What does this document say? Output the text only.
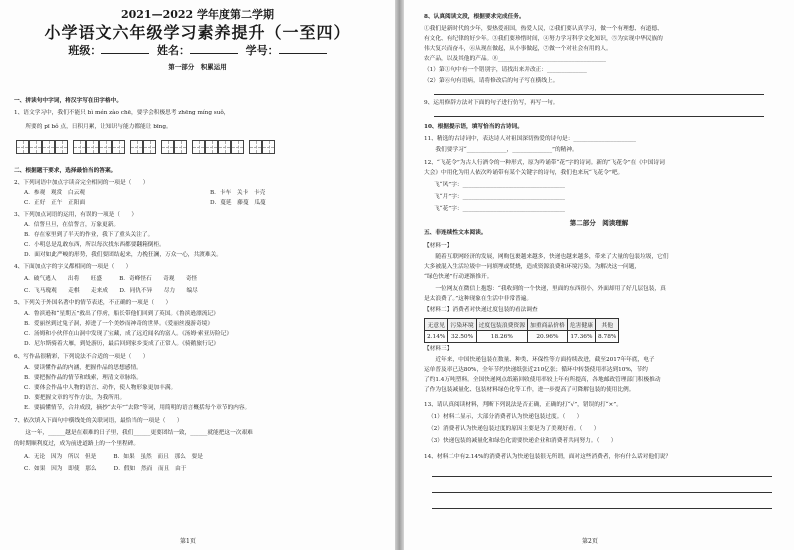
2021—2022 学年度第二学期
小学语文六年级学习素养提升（一至四）
班级：	姓名：	学号：
第一部分　积累运用
一、拼读句中字词，将汉字写在田字格中。
1、语文学习中，我们不能只 bì mén zào chē，要学会积极思考 zhēng míng suǒ，
　　所要的 pī bǒ 点，日积月累，让知识与能力都能让 bīng。
二、根据题干要求，选择最恰当的答案。
2、下列词语中加点字读音完全相同的一项是（　　）
A．参观　观赏　白云观	B．卡车　关卡　卡壳
C．正好　正午　正阳面	D．蔓延　藤蔓　瓜蔓
3、下列加点词语的运用，有误的一项是（　　）
A．信誓旦旦，在信誓言，万象更新。
B．存在家里到了半天的作业，我下了重头关注了。
C．小明总是乱敢东西，所以每次找东西都要翻箱倒柜。
D．面对如此严峻的形势，我们要团结起来，力挽狂澜，万众一心，共渡难关。
4、下面加点字的字义都相同的一项是（　　）
A．破气逃人　　出将　　旺盛　　　B．奇峰怪石　　奇观　　奇怪
C．飞马瑰观　　走棋　　走来成　　D．同仇不异　　尽力　　编尽
5、下列关于外国名著中的情节表述，不正确的一项是（　　）
A．鲁滨逊和“星期五”救出了俘虏，船长带他们回到了英国。《鲁滨逊漂流记》
B．爱丽丝到过兔子洞，掉进了一个美妙而神奇的世界。《爱丽丝漫游奇境》
C．汤姆和小伙伴在山洞中发现了宝藏，成了远近闻名的富人。《汤姆·索亚历险记》
D．尼尔斯骑着大雁，到处游历，最后回到家乡变成了正常人。《骑鹅旅行记》
6、写作品很精彩，下列说法不合适的一项是（　　）
A．要读懂作品的内涵，把握作品的思想感情。
B．要把握作品的情节和线索，理清文章脉络。
C．要体会作品中人物的语言、动作，使人物形象更加丰满。
D．要把握文章的写作方法，为我所用。
E．要搞懂情节，合并成段，摘抄“去年”“去除”等词，用简明的语言概括每个章节的内容。
7、依次填入下面句中横线处的关联词语，最恰当的一项是（　　）
　　这一年，______越是在艰难的日子里，我们______更要团结一致，______就能把这一次艰难
的时期顺利度过，成为前进道路上的一个里程碑。
A．无论　因为　所以　但是　　　B．如果　虽然　而且　那么　要是
C．如果　因为　即使　那么　　　D．假如　然而　而且　由于
第1页
8、认真阅读文段，根据要求完成任务。
①我们是新时代的少年，要热爱祖国，热爱人民，②我们要认真学习，做一个有理想、有道德、
有文化、有纪律的好少年。③我们要珍惜时间，④努力学习科学文化知识，⑤为实现中华民族的
伟大复兴而奋斗，⑥从现在做起，从小事做起，⑦做一个对社会有用的人。
农产品，以及其他的产品。⑧______________________________________
（1）第①句中有一个错别字，请找出来并改正：______________
（2）第⑥句有语病，请将修改后的句子写在横线上。
9、运用修辞方法对下面的句子进行仿写，再写一句。
10、根据提示语，填写恰当的古诗词。
11、精选的古诗词中，表达诗人对祖国深切热爱的诗句是：______________________
　　我们要学习“______________，______________”的精神。
12、“飞花令”为古人行酒令的一种形式，原为吟诵带“花”字的诗词。新的“飞花令”在《中国诗词
大会》中用化为用人依次吟诵带有某个关键字的诗句，我们也来玩“飞花令”吧。
飞“风”字：____________________________________
飞“月”字：____________________________________
飞“花”字：____________________________________
第二部分　阅读理解
五、非连续性文本阅读。
【材料一】
　　随着互联网经济的发展，网购包裹越来越多，快递也越来越多，带来了大量的包装垃圾，它们
大多被混入生活垃圾中一同填埋或焚烧，造成资源浪费和环境污染。为解决这一问题，
“绿色快递”行动逐渐推开。
　　一位网友在微信上抱怨：“我收到的一个快递，里面的东西很小，外面却用了好几层包装，真
是太浪费了。”这种现象在生活中非常普遍。
【材料二】消费者对快递过度包装的看法调查
无意见	污染环境	过度包装浪费资源	加重商品价格	危害健康	其他
2.14%	32.50%	18.26%	20.96%	17.36%	8.78%
【材料三】
　　近年来，中国快递包装在数量、种类、环保性等方面持续改进，截至2017年年底，电子
运单普及率已达80%，全年节约快递纸张近210亿张；循环中转袋使用率达到10%，节约
了约1.4万吨塑料。全国快递网点纸箱回收使用率较上年有所提高，各地邮政管理部门积极推动
了作为包装减量化、包装材料绿色化等工作，进一步提高了可降解包装的使用比例。
13、请认真阅读材料，判断下列说法是否正确，正确的打“√”，错误的打“×”。
（1）材料二显示，大部分消费者认为快递包装过度。（　　）
（2）消费者认为快递包装过度的原因主要是为了美观好看。（　　）
（3）快递包装的减量化和绿色化需要快递企业和消费者共同努力。（　　）
14、材料二中有2.14%的消费者认为快递包装很无所谓，面对这些消费者，你有什么话对他们说？
第2页
